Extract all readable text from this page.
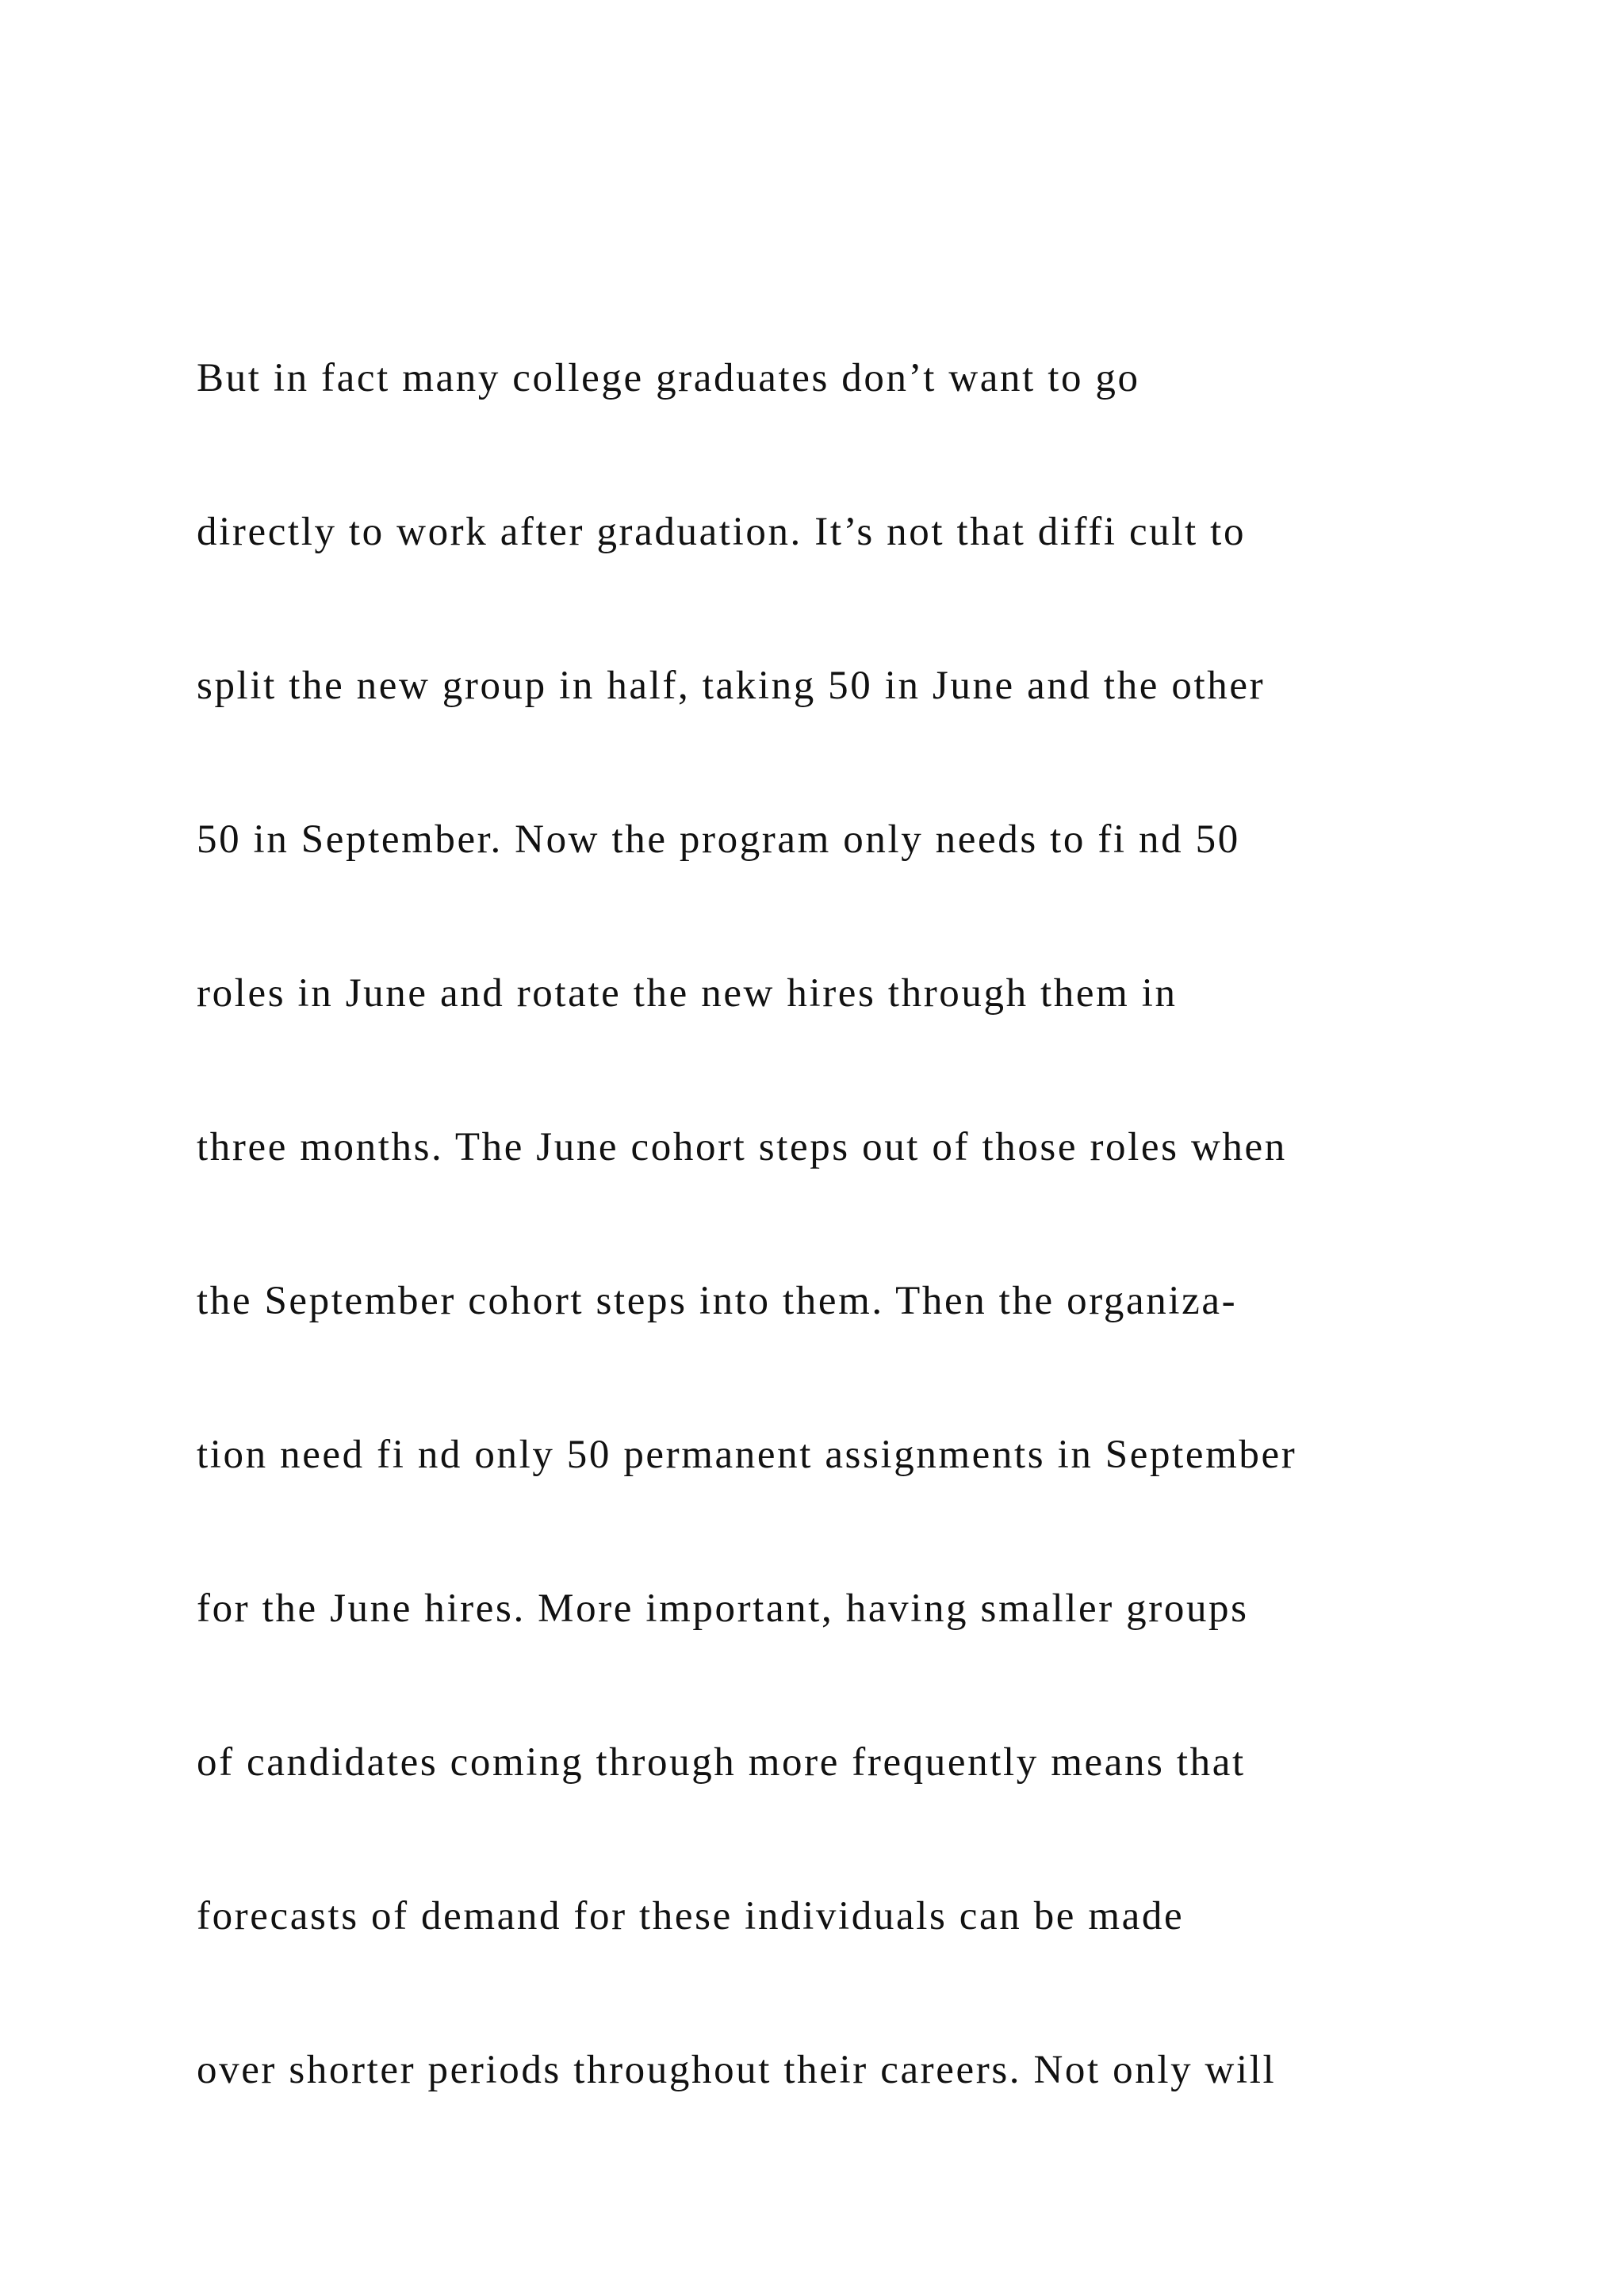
But in fact many college graduates don’t want to go

directly to work after graduation. It’s not that diffi cult to

split the new group in half, taking 50 in June and the other

50 in September. Now the program only needs to fi nd 50

roles in June and rotate the new hires through them in

three months. The June cohort steps out of those roles when

the September cohort steps into them. Then the organiza-

tion need fi nd only 50 permanent assignments in September

for the June hires. More important, having smaller groups

of candidates coming through more frequently means that

forecasts of demand for these individuals can be made

over shorter periods throughout their careers. Not only will
